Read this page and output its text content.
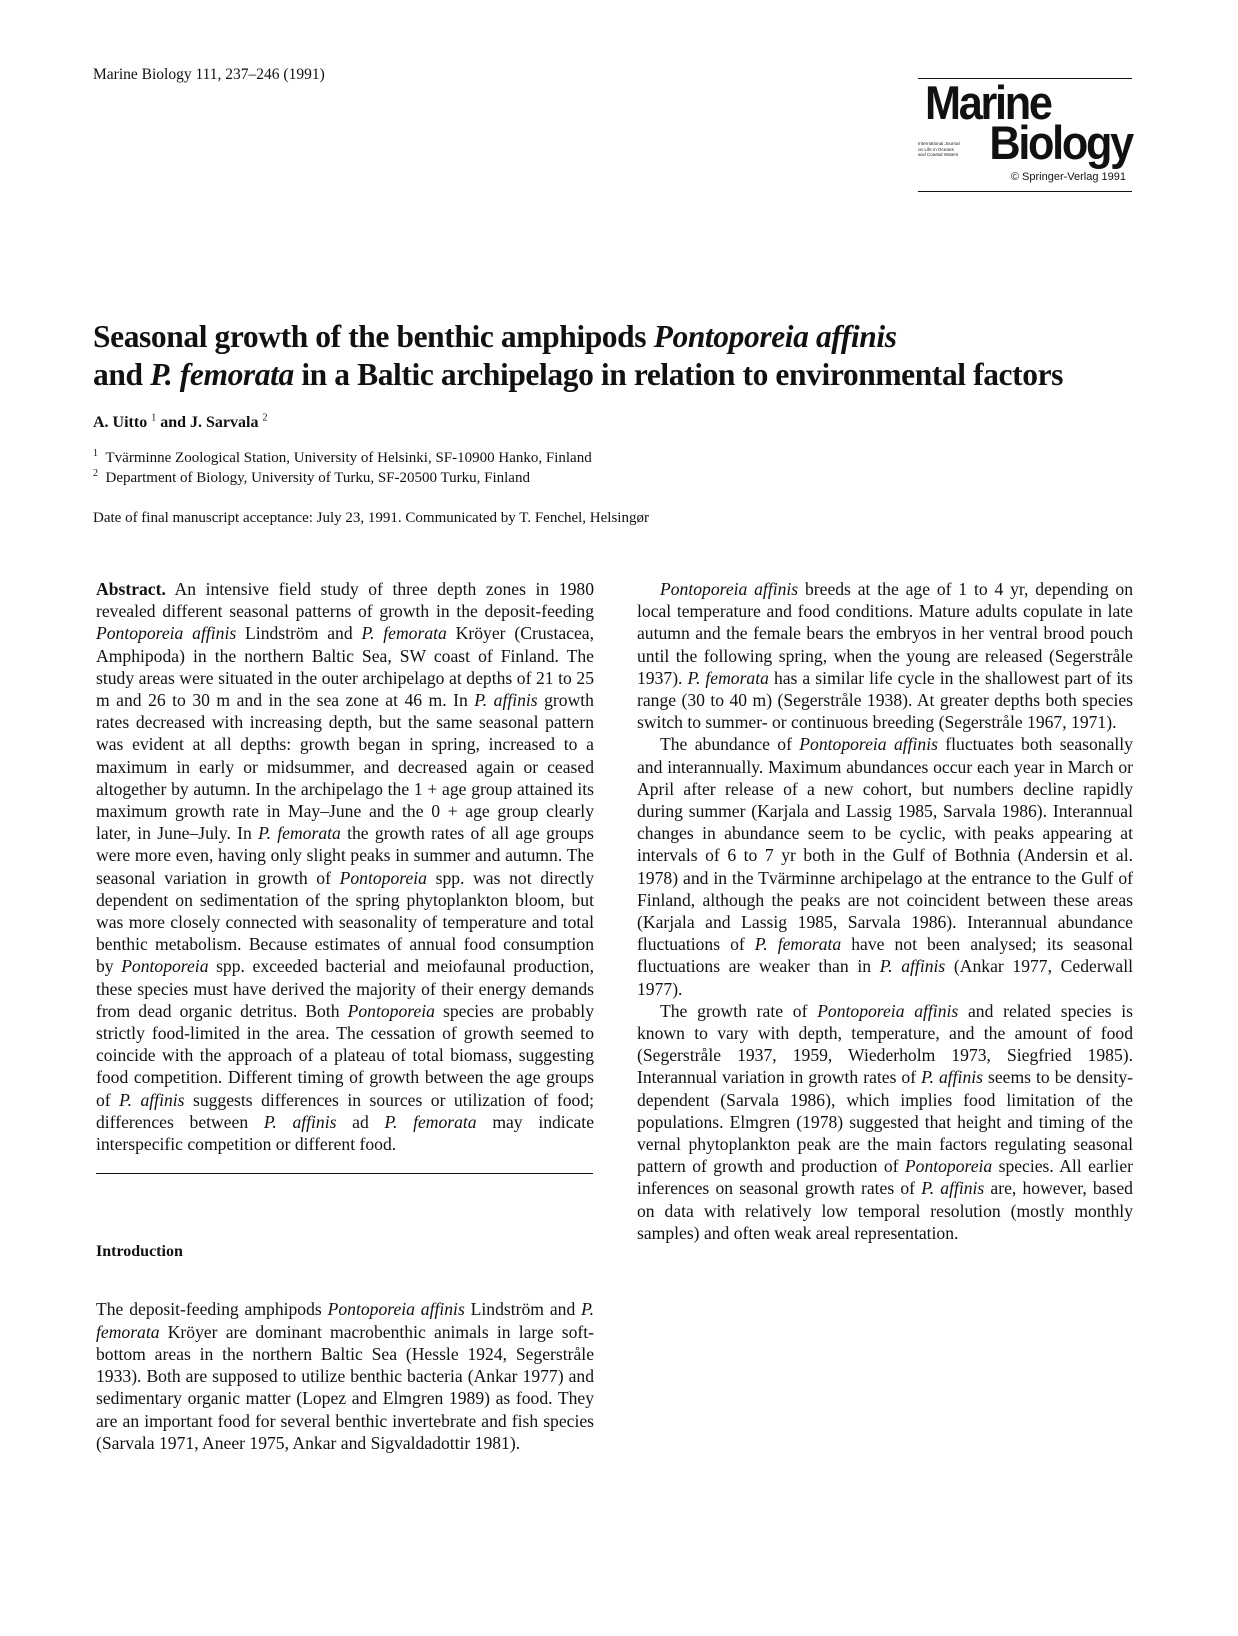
Marine Biology 111, 237–246 (1991)
Marine
International Journal
on Life in Oceans
and Coastal Waters Biology
© Springer-Verlag 1991
Seasonal growth of the benthic amphipods Pontoporeia affinis
and P. femorata in a Baltic archipelago in relation to environmental factors
A. Uitto $^1$ and J. Sarvala $^2$
$^1$ Tvärminne Zoological Station, University of Helsinki, SF-10900 Hanko, Finland
$^2$ Department of Biology, University of Turku, SF-20500 Turku, Finland
Date of final manuscript acceptance: July 23, 1991. Communicated by T. Fenchel, Helsingør

Abstract. An intensive field study of three depth zones in 1980 revealed different seasonal patterns of growth in the deposit-feeding Pontoporeia affinis Lindström and P. femorata Kröyer (Crustacea, Amphipoda) in the northern Baltic Sea, SW coast of Finland. The study areas were situated in the outer archipelago at depths of 21 to 25 m and 26 to 30 m and in the sea zone at 46 m. In P. affinis growth rates decreased with increasing depth, but the same seasonal pattern was evident at all depths: growth began in spring, increased to a maximum in early or midsummer, and decreased again or ceased altogether by autumn. In the archipelago the 1 + age group attained its maximum growth rate in May–June and the 0 + age group clearly later, in June–July. In P. femorata the growth rates of all age groups were more even, having only slight peaks in summer and autumn. The seasonal variation in growth of Pontoporeia spp. was not directly dependent on sedimentation of the spring phytoplankton bloom, but was more closely connected with seasonality of temperature and total benthic metabolism. Because estimates of annual food consumption by Pontoporeia spp. exceeded bacterial and meiofaunal production, these species must have derived the majority of their energy demands from dead organic detritus. Both Pontoporeia species are probably strictly food-limited in the area. The cessation of growth seemed to coincide with the approach of a plateau of total biomass, suggesting food competition. Different timing of growth between the age groups of P. affinis suggests differences in sources or utilization of food; differences between P. affinis ad P. femorata may indicate interspecific competition or different food.

Introduction

The deposit-feeding amphipods Pontoporeia affinis Lindström and P. femorata Kröyer are dominant macrobenthic animals in large soft-bottom areas in the northern Baltic Sea (Hessle 1924, Segerstråle 1933). Both are supposed to utilize benthic bacteria (Ankar 1977) and sedimentary organic matter (Lopez and Elmgren 1989) as food. They are an important food for several benthic invertebrate and fish species (Sarvala 1971, Aneer 1975, Ankar and Sigvaldadottir 1981).

Pontoporeia affinis breeds at the age of 1 to 4 yr, depending on local temperature and food conditions. Mature adults copulate in late autumn and the female bears the embryos in her ventral brood pouch until the following spring, when the young are released (Segerstråle 1937). P. femorata has a similar life cycle in the shallowest part of its range (30 to 40 m) (Segerstråle 1938). At greater depths both species switch to summer- or continuous breeding (Segerstråle 1967, 1971).

The abundance of Pontoporeia affinis fluctuates both seasonally and interannually. Maximum abundances occur each year in March or April after release of a new cohort, but numbers decline rapidly during summer (Karjala and Lassig 1985, Sarvala 1986). Interannual changes in abundance seem to be cyclic, with peaks appearing at intervals of 6 to 7 yr both in the Gulf of Bothnia (Andersin et al. 1978) and in the Tvärminne archipelago at the entrance to the Gulf of Finland, although the peaks are not coincident between these areas (Karjala and Lassig 1985, Sarvala 1986). Interannual abundance fluctuations of P. femorata have not been analysed; its seasonal fluctuations are weaker than in P. affinis (Ankar 1977, Cederwall 1977).

The growth rate of Pontoporeia affinis and related species is known to vary with depth, temperature, and the amount of food (Segerstråle 1937, 1959, Wiederholm 1973, Siegfried 1985). Interannual variation in growth rates of P. affinis seems to be density-dependent (Sarvala 1986), which implies food limitation of the populations. Elmgren (1978) suggested that height and timing of the vernal phytoplankton peak are the main factors regulating seasonal pattern of growth and production of Pontoporeia species. All earlier inferences on seasonal growth rates of P. affinis are, however, based on data with relatively low temporal resolution (mostly monthly samples) and often weak areal representation.
